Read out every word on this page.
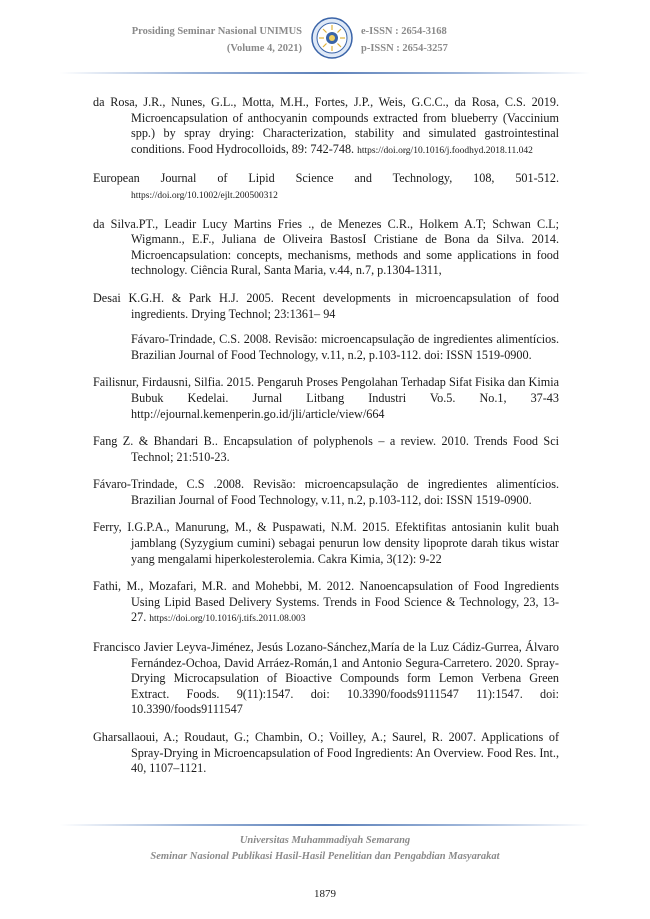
Prosiding Seminar Nasional UNIMUS
(Volume 4, 2021)
e-ISSN : 2654-3168
p-ISSN : 2654-3257

da Rosa, J.R., Nunes, G.L., Motta, M.H., Fortes, J.P., Weis, G.C.C., da Rosa, C.S. 2019. Microencapsulation of anthocyanin compounds extracted from blueberry (Vaccinium spp.) by spray drying: Characterization, stability and simulated gastrointestinal conditions. Food Hydrocolloids, 89: 742-748. https://doi.org/10.1016/j.foodhyd.2018.11.042

European Journal of Lipid Science and Technology, 108, 501-512. https://doi.org/10.1002/ejlt.200500312

da Silva.PT., Leadir Lucy Martins Fries ., de Menezes C.R., Holkem A.T; Schwan C.L; Wigmann., E.F., Juliana de Oliveira BastosI Cristiane de Bona da Silva. 2014. Microencapsulation: concepts, mechanisms, methods and some applications in food technology. Ciência Rural, Santa Maria, v.44, n.7, p.1304-1311,

Desai K.G.H. & Park H.J. 2005. Recent developments in microencapsulation of food ingredients. Drying Technol; 23:1361– 94

Fávaro-Trindade, C.S. 2008. Revisão: microencapsulação de ingredientes alimentícios. Brazilian Journal of Food Technology, v.11, n.2, p.103-112. doi: ISSN 1519-0900.

Failisnur, Firdausni, Silfia. 2015. Pengaruh Proses Pengolahan Terhadap Sifat Fisika dan Kimia Bubuk Kedelai. Jurnal Litbang Industri Vo.5. No.1, 37-43 http://ejournal.kemenperin.go.id/jli/article/view/664

Fang Z. & Bhandari B.. Encapsulation of polyphenols – a review. 2010. Trends Food Sci Technol; 21:510-23.

Fávaro-Trindade, C.S .2008. Revisão: microencapsulação de ingredientes alimentícios. Brazilian Journal of Food Technology, v.11, n.2, p.103-112, doi: ISSN 1519-0900.

Ferry, I.G.P.A., Manurung, M., & Puspawati, N.M. 2015. Efektifitas antosianin kulit buah jamblang (Syzygium cumini) sebagai penurun low density lipoprote darah tikus wistar yang mengalami hiperkolesterolemia. Cakra Kimia, 3(12): 9-22

Fathi, M., Mozafari, M.R. and Mohebbi, M. 2012. Nanoencapsulation of Food Ingredients Using Lipid Based Delivery Systems. Trends in Food Science & Technology, 23, 13-27. https://doi.org/10.1016/j.tifs.2011.08.003

Francisco Javier Leyva-Jiménez, Jesús Lozano-Sánchez,María de la Luz Cádiz-Gurrea, Álvaro Fernández-Ochoa, David Arráez-Román,1 and Antonio Segura-Carretero. 2020. Spray-Drying Microcapsulation of Bioactive Compounds form Lemon Verbena Green Extract. Foods. 9(11):1547. doi: 10.3390/foods9111547 11):1547. doi: 10.3390/foods9111547

Gharsallaoui, A.; Roudaut, G.; Chambin, O.; Voilley, A.; Saurel, R. 2007. Applications of Spray-Drying in Microencapsulation of Food Ingredients: An Overview. Food Res. Int., 40, 1107–1121.

Universitas Muhammadiyah Semarang
Seminar Nasional Publikasi Hasil-Hasil Penelitian dan Pengabdian Masyarakat
1879
